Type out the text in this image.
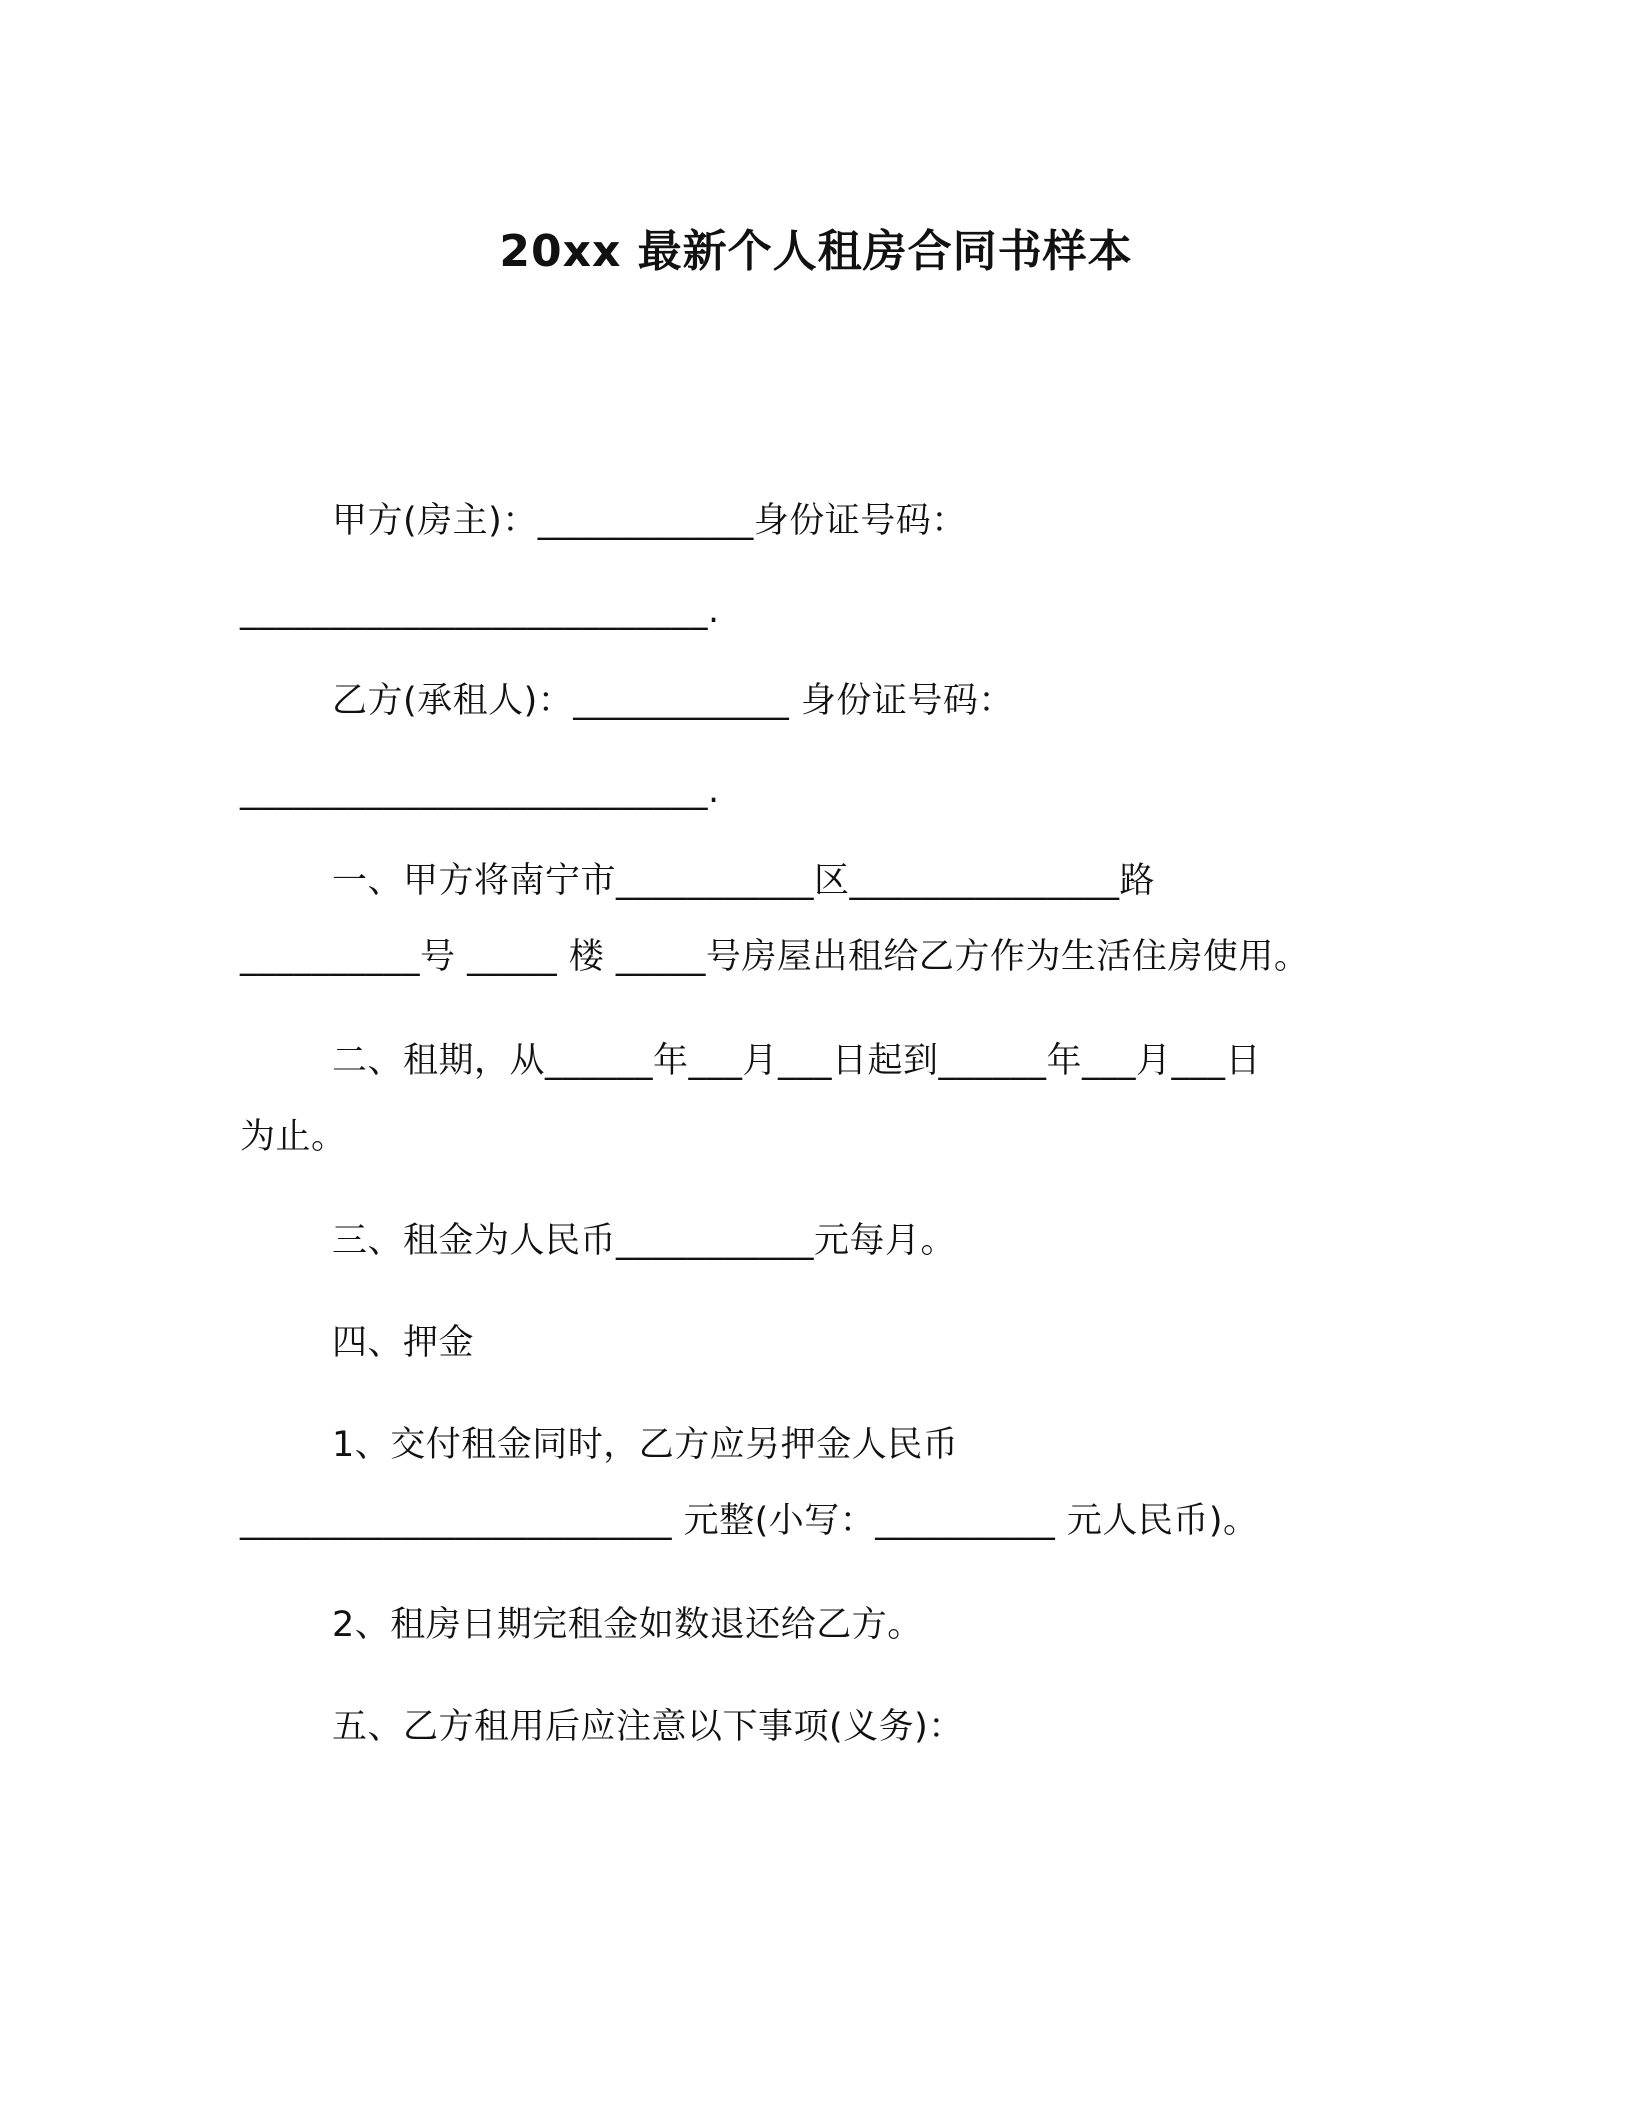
20xx 最新个人租房合同书样本
甲方(房主)：____________身份证号码：
__________________________.
乙方(承租人)：____________ 身份证号码：
__________________________.
一、甲方将南宁市___________区_______________路
__________号 _____ 楼 _____号房屋出租给乙方作为生活住房使用。
二、租期，从______年___月___日起到______年___月___日
为止。
三、租金为人民币___________元每月。
四、押金
1、交付租金同时，乙方应另押金人民币
________________________ 元整(小写：__________ 元人民币)。
2、租房日期完租金如数退还给乙方。
五、乙方租用后应注意以下事项(义务)：
